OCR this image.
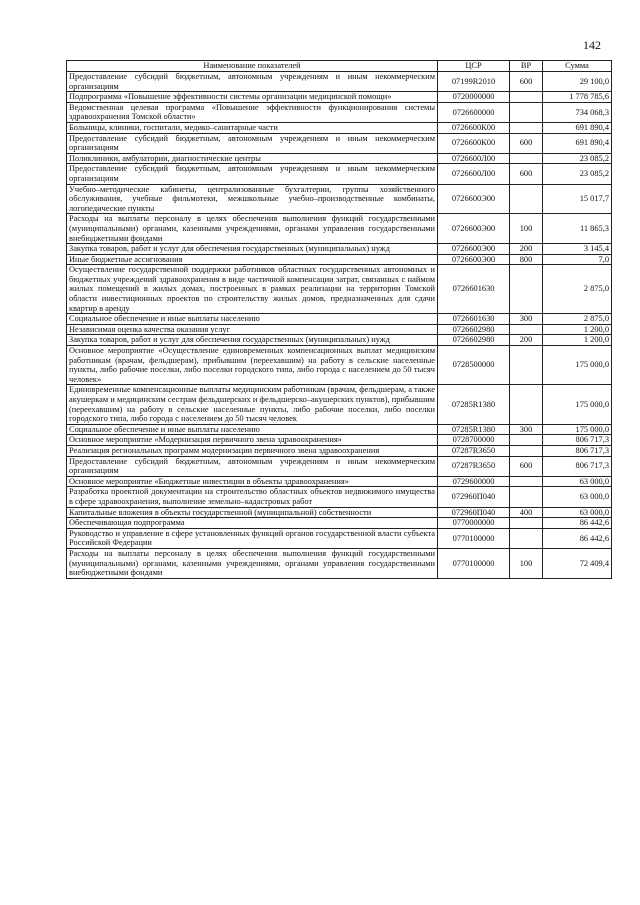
142
Наименование показателей	ЦСР	ВР	Сумма
Предоставление субсидий бюджетным, автономным учреждениям и иным некоммерческим организациям	07199R2010	600	29 100,0
Подпрограмма «Повышение эффективности системы организации медицинской помощи»	0720000000		1 778 785,6
Ведомственная целевая программа «Повышение эффективности функционирования системы здравоохранения Томской области»	0726600000		734 068,3
Больницы, клиники, госпитали, медико–санитарные части	0726600К00		691 890,4
Предоставление субсидий бюджетным, автономным учреждениям и иным некоммерческим организациям	0726600К00	600	691 890,4
Поликлиники, амбулатории, диагностические центры	0726600Л00		23 085,2
Предоставление субсидий бюджетным, автономным учреждениям и иным некоммерческим организациям	0726600Л00	600	23 085,2
Учебно–методические кабинеты, централизованные бухгалтерии, группы хозяйственного обслуживания, учебные фильмотеки, межшкольные учебно–производственные комбинаты, логопедические пункты	0726600Э00		15 017,7
Расходы на выплаты персоналу в целях обеспечения выполнения функций государственными (муниципальными) органами, казенными учреждениями, органами управления государственными внебюджетными фондами	0726600Э00	100	11 865,3
Закупка товаров, работ и услуг для обеспечения государственных (муниципальных) нужд	0726600Э00	200	3 145,4
Иные бюджетные ассигнования	0726600Э00	800	7,0
Осуществление государственной поддержки работников областных государственных автономных и бюджетных учреждений здравоохранения в виде частичной компенсации затрат, связанных с наймом жилых помещений в жилых домах, построенных в рамках реализации на территории Томской области инвестиционных проектов по строительству жилых домов, предназначенных для сдачи квартир в аренду	0726601630		2 875,0
Социальное обеспечение и иные выплаты населению	0726601630	300	2 875,0
Независимая оценка качества оказания услуг	0726602980		1 200,0
Закупка товаров, работ и услуг для обеспечения государственных (муниципальных) нужд	0726602980	200	1 200,0
Основное мероприятие «Осуществление единовременных компенсационных выплат медицинским работникам (врачам, фельдшерам), прибывшим (переехавшим) на работу в сельские населенные пункты, либо рабочие поселки, либо поселки городского типа, либо города с населением до 50 тысяч человек»	0728500000		175 000,0
Единовременные компенсационные выплаты медицинским работникам (врачам, фельдшерам, а также акушеркам и медицинским сестрам фельдшерских и фельдшерско–акушерских пунктов), прибывшим (переехавшим) на работу в сельские населенные пункты, либо рабочие поселки, либо поселки городского типа, либо города с населением до 50 тысяч человек	07285R1380		175 000,0
Социальное обеспечение и иные выплаты населению	07285R1380	300	175 000,0
Основное мероприятие «Модернизация первичного звена здравоохранения»	0728700000		806 717,3
Реализация региональных программ модернизации первичного звена здравоохранения	07287R3650		806 717,3
Предоставление субсидий бюджетным, автономным учреждениям и иным некоммерческим организациям	07287R3650	600	806 717,3
Основное мероприятие «Бюджетные инвестиции в объекты здравоохранения»	0729600000		63 000,0
Разработка проектной документации на строительство областных объектов недвижимого имущества в сфере здравоохранения, выполнение земельно–кадастровых работ	072960П040		63 000,0
Капитальные вложения в объекты государственной (муниципальной) собственности	072960П040	400	63 000,0
Обеспечивающая подпрограмма	0770000000		86 442,6
Руководство и управление в сфере установленных функций органов государственной власти субъекта Российской Федерации	0770100000		86 442,6
Расходы на выплаты персоналу в целях обеспечения выполнения функций государственными (муниципальными) органами, казенными учреждениями, органами управления государственными внебюджетными фондами	0770100000	100	72 409,4
